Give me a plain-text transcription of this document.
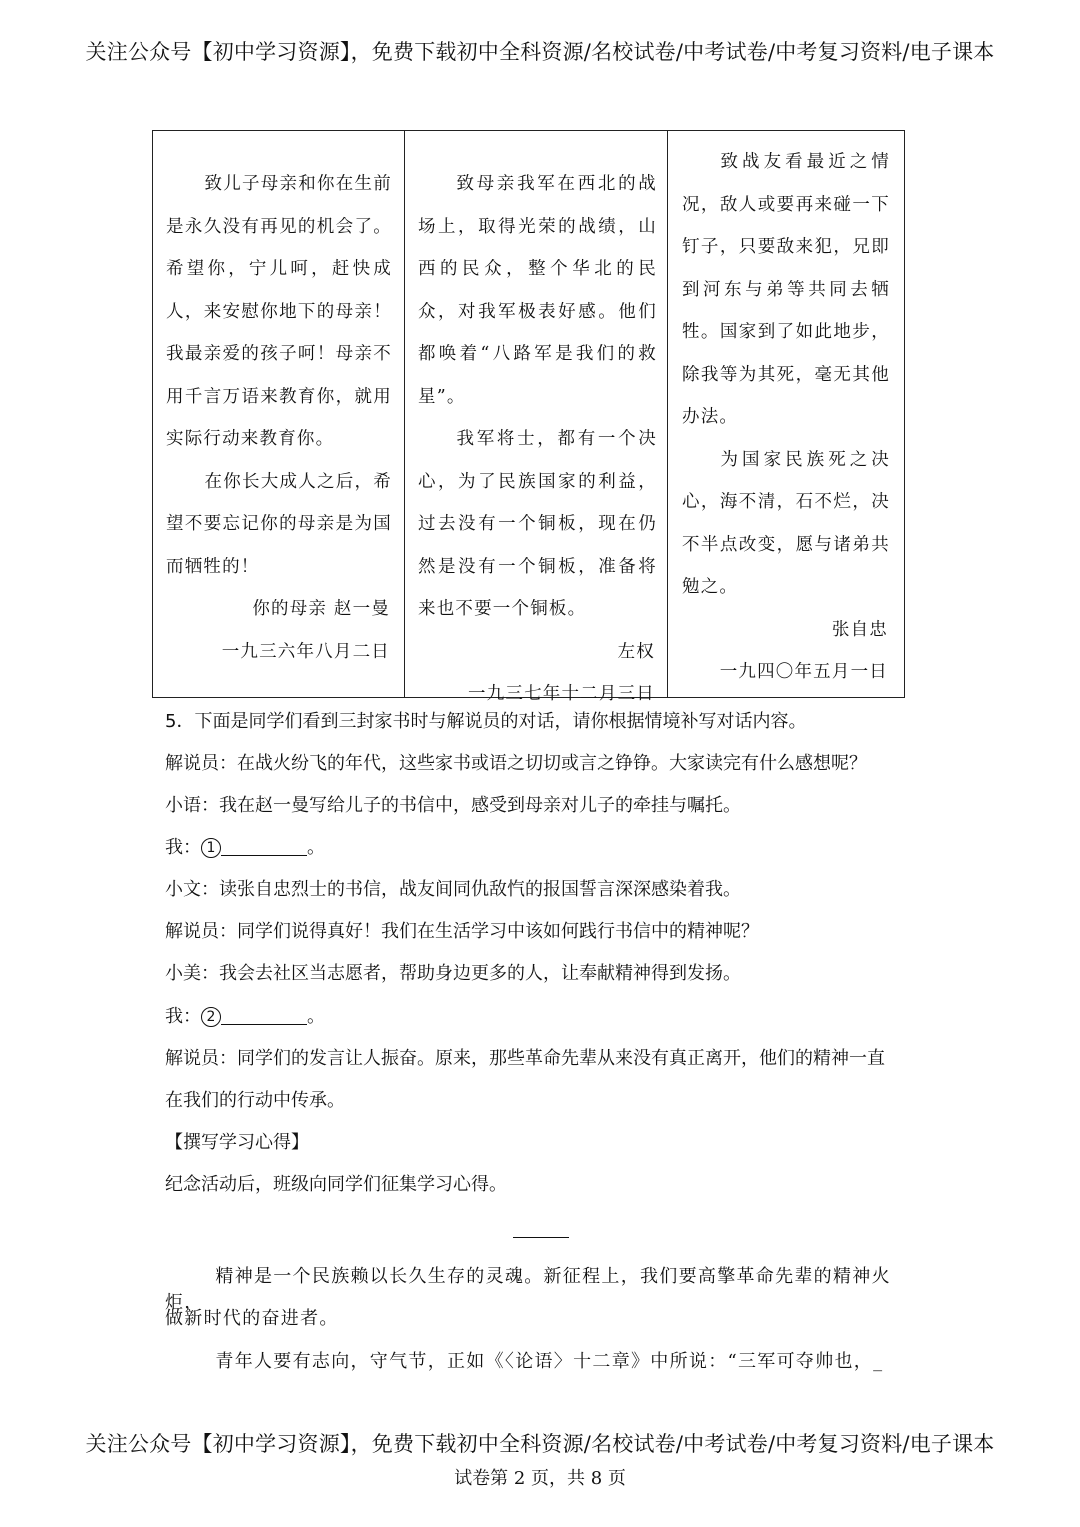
关注公众号【初中学习资源】，免费下载初中全科资源/名校试卷/中考试卷/中考复习资料/电子课本

致儿子母亲和你在生前是永久没有再见的机会了。希望你，宁儿呵，赶快成人，来安慰你地下的母亲！我最亲爱的孩子呵！母亲不用千言万语来教育你，就用实际行动来教育你。

在你长大成人之后，希望不要忘记你的母亲是为国而牺牲的！

你的母亲 赵一曼

一九三六年八月二日

致母亲我军在西北的战场上，取得光荣的战绩，山西的民众，整个华北的民众，对我军极表好感。他们都唤着“八路军是我们的救星”。

我军将士，都有一个决心，为了民族国家的利益，过去没有一个铜板，现在仍然是没有一个铜板，准备将来也不要一个铜板。

左权

一九三七年十二月三日

致战友看最近之情况，敌人或要再来碰一下钉子，只要敌来犯，兄即到河东与弟等共同去牺牲。国家到了如此地步，除我等为其死，毫无其他办法。

为国家民族死之决心，海不清，石不烂，决不半点改变，愿与诸弟共勉之。

张自忠

一九四〇年五月一日

5．下面是同学们看到三封家书时与解说员的对话，请你根据情境补写对话内容。
解说员：在战火纷飞的年代，这些家书或语之切切或言之铮铮。大家读完有什么感想呢？
小语：我在赵一曼写给儿子的书信中，感受到母亲对儿子的牵挂与嘱托。
我： 1	。
小文：读张自忠烈士的书信，战友间同仇敌忾的报国誓言深深感染着我。
解说员：同学们说得真好！我们在生活学习中该如何践行书信中的精神呢？
小美：我会去社区当志愿者，帮助身边更多的人，让奉献精神得到发扬。
我： 2	。
解说员：同学们的发言让人振奋。原来，那些革命先辈从来没有真正离开，他们的精神一直
在我们的行动中传承。
【撰写学习心得】
纪念活动后，班级向同学们征集学习心得。
精神是一个民族赖以长久生存的灵魂。新征程上，我们要高擎革命先辈的精神火炬，
做新时代的奋进者。
青年人要有志向，守气节，正如《〈论语〉十二章》中所说：“三军可夺帅也，_
关注公众号【初中学习资源】，免费下载初中全科资源/名校试卷/中考试卷/中考复习资料/电子课本
试卷第 2 页，共 8 页
